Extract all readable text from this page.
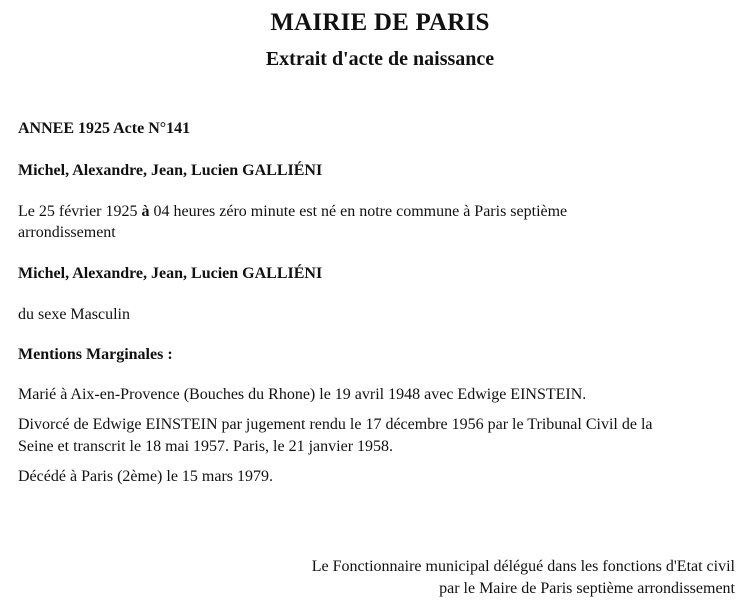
MAIRIE DE PARIS
Extrait d'acte de naissance
ANNEE 1925 Acte N°141
Michel, Alexandre, Jean, Lucien GALLIÉNI
Le 25 février 1925 à 04 heures zéro minute est né en notre commune à Paris septième
arrondissement
Michel, Alexandre, Jean, Lucien GALLIÉNI
du sexe Masculin
Mentions Marginales :
Marié à Aix-en-Provence (Bouches du Rhone) le 19 avril 1948 avec Edwige EINSTEIN.
Divorcé de Edwige EINSTEIN par jugement rendu le 17 décembre 1956 par le Tribunal Civil de la
Seine et transcrit le 18 mai 1957. Paris, le 21 janvier 1958.
Décédé à Paris (2ème) le 15 mars 1979.
Le Fonctionnaire municipal délégué dans les fonctions d'Etat civil
par le Maire de Paris septième arrondissement
